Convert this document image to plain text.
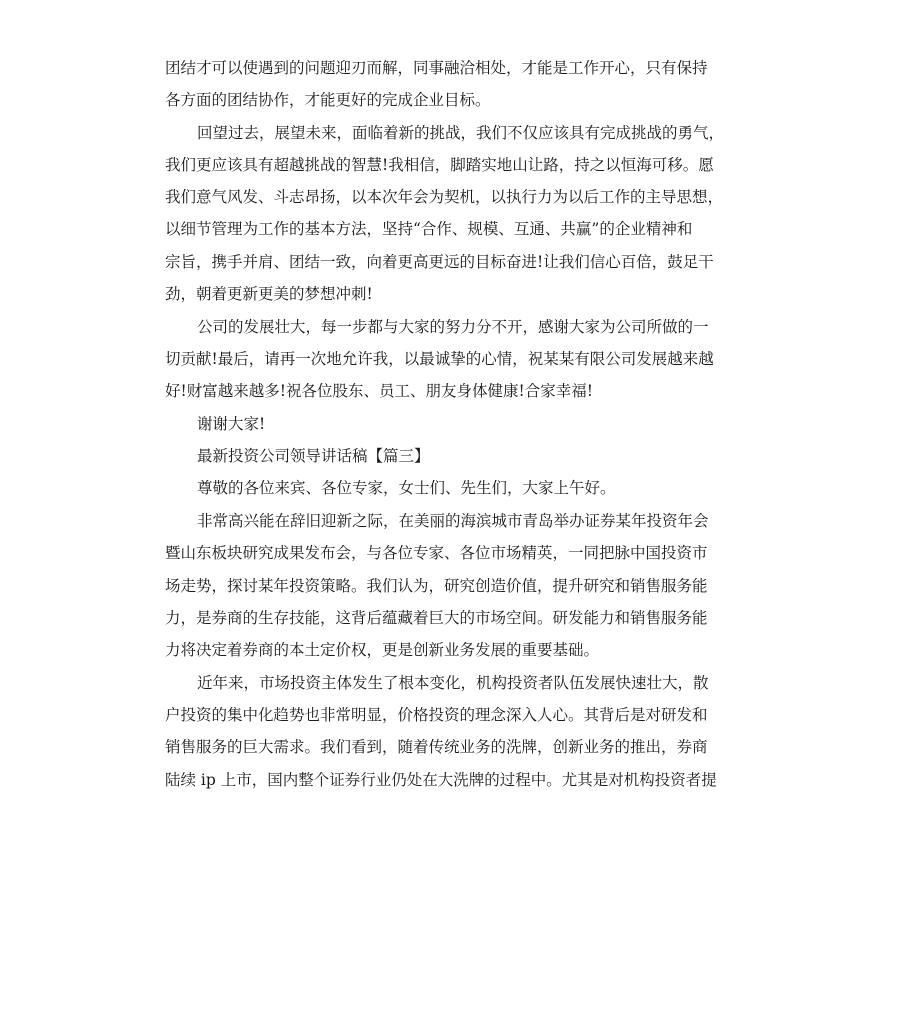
团结才可以使遇到的问题迎刃而解，同事融洽相处，才能是工作开心，只有保持
各方面的团结协作，才能更好的完成企业目标。
回望过去，展望未来，面临着新的挑战，我们不仅应该具有完成挑战的勇气，
我们更应该具有超越挑战的智慧!我相信，脚踏实地山让路，持之以恒海可移。愿
我们意气风发、斗志昂扬，以本次年会为契机，以执行力为以后工作的主导思想，
以细节管理为工作的基本方法，坚持“合作、规模、互通、共赢”的企业精神和
宗旨，携手并肩、团结一致，向着更高更远的目标奋进!让我们信心百倍，鼓足干
劲，朝着更新更美的梦想冲刺!
公司的发展壮大，每一步都与大家的努力分不开，感谢大家为公司所做的一
切贡献!最后，请再一次地允许我，以最诚挚的心情，祝某某有限公司发展越来越
好!财富越来越多!祝各位股东、员工、朋友身体健康!合家幸福!
谢谢大家!
最新投资公司领导讲话稿【篇三】
尊敬的各位来宾、各位专家，女士们、先生们，大家上午好。
非常高兴能在辞旧迎新之际，在美丽的海滨城市青岛举办证券某年投资年会
暨山东板块研究成果发布会，与各位专家、各位市场精英，一同把脉中国投资市
场走势，探讨某年投资策略。我们认为，研究创造价值，提升研究和销售服务能
力，是券商的生存技能，这背后蕴藏着巨大的市场空间。研发能力和销售服务能
力将决定着券商的本土定价权，更是创新业务发展的重要基础。
近年来，市场投资主体发生了根本变化，机构投资者队伍发展快速壮大，散
户投资的集中化趋势也非常明显，价格投资的理念深入人心。其背后是对研发和
销售服务的巨大需求。我们看到，随着传统业务的洗牌，创新业务的推出，券商
陆续 ip 上市，国内整个证券行业仍处在大洗牌的过程中。尤其是对机构投资者提
